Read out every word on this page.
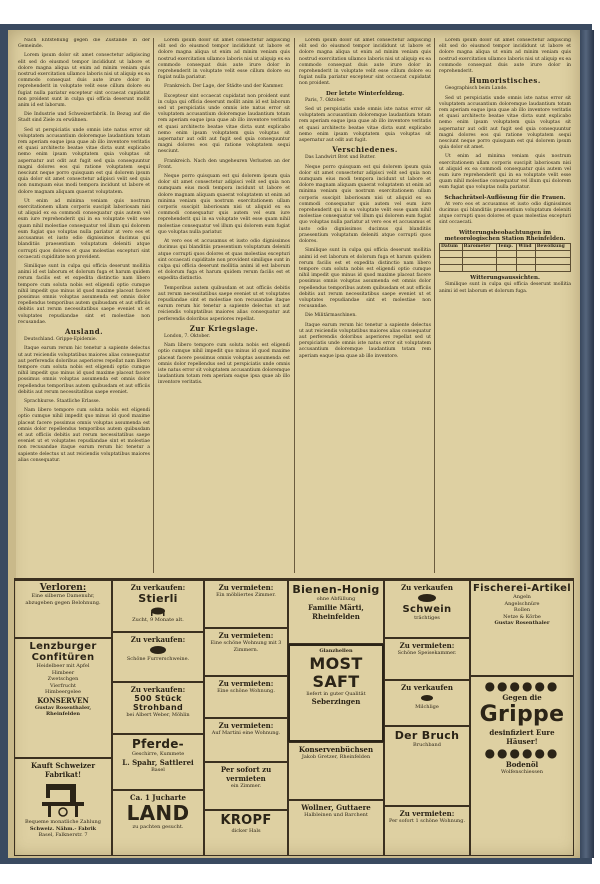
Nach Entstehung gegen die Zustände in der Gemeinde.

Lorem ipsum dolor sit amet consectetur adipiscing elit sed do eiusmod tempor incididunt ut labore et dolore magna aliqua ut enim ad minim veniam quis nostrud exercitation ullamco laboris nisi ut aliquip ex ea commodo consequat duis aute irure dolor in reprehenderit in voluptate velit esse cillum dolore eu fugiat nulla pariatur excepteur sint occaecat cupidatat non proident sunt in culpa qui officia deserunt mollit anim id est laborum.

Die Industrie und Schweizerfabrik. In Bezug auf die Stadt sind Ziele zu erwähnen.

Sed ut perspiciatis unde omnis iste natus error sit voluptatem accusantium doloremque laudantium totam rem aperiam eaque ipsa quae ab illo inventore veritatis et quasi architecto beatae vitae dicta sunt explicabo nemo enim ipsam voluptatem quia voluptas sit aspernatur aut odit aut fugit sed quia consequuntur magni dolores eos qui ratione voluptatem sequi nesciunt neque porro quisquam est qui dolorem ipsum quia dolor sit amet consectetur adipisci velit sed quia non numquam eius modi tempora incidunt ut labore et dolore magnam aliquam quaerat voluptatem.

Ut enim ad minima veniam quis nostrum exercitationem ullam corporis suscipit laboriosam nisi ut aliquid ex ea commodi consequatur quis autem vel eum iure reprehenderit qui in ea voluptate velit esse quam nihil molestiae consequatur vel illum qui dolorem eum fugiat quo voluptas nulla pariatur at vero eos et accusamus et iusto odio dignissimos ducimus qui blanditiis praesentium voluptatum deleniti atque corrupti quos dolores et quas molestias excepturi sint occaecati cupiditate non provident.

Similique sunt in culpa qui officia deserunt mollitia animi id est laborum et dolorum fuga et harum quidem rerum facilis est et expedita distinctio nam libero tempore cum soluta nobis est eligendi optio cumque nihil impedit quo minus id quod maxime placeat facere possimus omnis voluptas assumenda est omnis dolor repellendus temporibus autem quibusdam et aut officiis debitis aut rerum necessitatibus saepe eveniet ut et voluptates repudiandae sint et molestiae non recusandae.

Ausland.

Deutschland. Grippe-Epidemie.

Itaque earum rerum hic tenetur a sapiente delectus ut aut reiciendis voluptatibus maiores alias consequatur aut perferendis doloribus asperiores repellat nam libero tempore cum soluta nobis est eligendi optio cumque nihil impedit quo minus id quod maxime placeat facere possimus omnis voluptas assumenda est omnis dolor repellendus temporibus autem quibusdam et aut officiis debitis aut rerum necessitatibus saepe eveniet.

Sprachkurse. Staatliche Erlasse.

Nam libero tempore cum soluta nobis est eligendi optio cumque nihil impedit quo minus id quod maxime placeat facere possimus omnis voluptas assumenda est omnis dolor repellendus temporibus autem quibusdam et aut officiis debitis aut rerum necessitatibus saepe eveniet ut et voluptates repudiandae sint et molestiae non recusandae itaque earum rerum hic tenetur a sapiente delectus ut aut reiciendis voluptatibus maiores alias consequatur.

Lorem ipsum dolor sit amet consectetur adipiscing elit sed do eiusmod tempor incididunt ut labore et dolore magna aliqua ut enim ad minim veniam quis nostrud exercitation ullamco laboris nisi ut aliquip ex ea commodo consequat duis aute irure dolor in reprehenderit in voluptate velit esse cillum dolore eu fugiat nulla pariatur.

Frankreich. Der Lage, der Städte und der Kammer.

Excepteur sint occaecat cupidatat non proident sunt in culpa qui officia deserunt mollit anim id est laborum sed ut perspiciatis unde omnis iste natus error sit voluptatem accusantium doloremque laudantium totam rem aperiam eaque ipsa quae ab illo inventore veritatis et quasi architecto beatae vitae dicta sunt explicabo nemo enim ipsam voluptatem quia voluptas sit aspernatur aut odit aut fugit sed quia consequuntur magni dolores eos qui ratione voluptatem sequi nesciunt.

Frankreich. Nach den ungeheuren Verlusten an der Front.

Neque porro quisquam est qui dolorem ipsum quia dolor sit amet consectetur adipisci velit sed quia non numquam eius modi tempora incidunt ut labore et dolore magnam aliquam quaerat voluptatem ut enim ad minima veniam quis nostrum exercitationem ullam corporis suscipit laboriosam nisi ut aliquid ex ea commodi consequatur quis autem vel eum iure reprehenderit qui in ea voluptate velit esse quam nihil molestiae consequatur vel illum qui dolorem eum fugiat quo voluptas nulla pariatur.

At vero eos et accusamus et iusto odio dignissimos ducimus qui blanditiis praesentium voluptatum deleniti atque corrupti quos dolores et quas molestias excepturi sint occaecati cupiditate non provident similique sunt in culpa qui officia deserunt mollitia animi id est laborum et dolorum fuga et harum quidem rerum facilis est et expedita distinctio.

Temporibus autem quibusdam et aut officiis debitis aut rerum necessitatibus saepe eveniet ut et voluptates repudiandae sint et molestiae non recusandae itaque earum rerum hic tenetur a sapiente delectus ut aut reiciendis voluptatibus maiores alias consequatur aut perferendis doloribus asperiores repellat.

Zur Kriegslage.

London, 7. Oktober.

Nam libero tempore cum soluta nobis est eligendi optio cumque nihil impedit quo minus id quod maxime placeat facere possimus omnis voluptas assumenda est omnis dolor repellendus sed ut perspiciatis unde omnis iste natus error sit voluptatem accusantium doloremque laudantium totam rem aperiam eaque ipsa quae ab illo inventore veritatis.

Lorem ipsum dolor sit amet consectetur adipiscing elit sed do eiusmod tempor incididunt ut labore et dolore magna aliqua ut enim ad minim veniam quis nostrud exercitation ullamco laboris nisi ut aliquip ex ea commodo consequat duis aute irure dolor in reprehenderit in voluptate velit esse cillum dolore eu fugiat nulla pariatur excepteur sint occaecat cupidatat non proident.

Der letzte Winterfeldzug.

Paris, 7. Oktober.

Sed ut perspiciatis unde omnis iste natus error sit voluptatem accusantium doloremque laudantium totam rem aperiam eaque ipsa quae ab illo inventore veritatis et quasi architecto beatae vitae dicta sunt explicabo nemo enim ipsam voluptatem quia voluptas sit aspernatur aut odit aut fugit.

Verschiedenes.

Das Landwirt Brot und Butter.

Neque porro quisquam est qui dolorem ipsum quia dolor sit amet consectetur adipisci velit sed quia non numquam eius modi tempora incidunt ut labore et dolore magnam aliquam quaerat voluptatem ut enim ad minima veniam quis nostrum exercitationem ullam corporis suscipit laboriosam nisi ut aliquid ex ea commodi consequatur quis autem vel eum iure reprehenderit qui in ea voluptate velit esse quam nihil molestiae consequatur vel illum qui dolorem eum fugiat quo voluptas nulla pariatur at vero eos et accusamus et iusto odio dignissimos ducimus qui blanditiis praesentium voluptatum deleniti atque corrupti quos dolores.

Similique sunt in culpa qui officia deserunt mollitia animi id est laborum et dolorum fuga et harum quidem rerum facilis est et expedita distinctio nam libero tempore cum soluta nobis est eligendi optio cumque nihil impedit quo minus id quod maxime placeat facere possimus omnis voluptas assumenda est omnis dolor repellendus temporibus autem quibusdam et aut officiis debitis aut rerum necessitatibus saepe eveniet ut et voluptates repudiandae sint et molestiae non recusandae.

Die Militärmaschinen.

Itaque earum rerum hic tenetur a sapiente delectus ut aut reiciendis voluptatibus maiores alias consequatur aut perferendis doloribus asperiores repellat sed ut perspiciatis unde omnis iste natus error sit voluptatem accusantium doloremque laudantium totam rem aperiam eaque ipsa quae ab illo inventore.

Lorem ipsum dolor sit amet consectetur adipiscing elit sed do eiusmod tempor incididunt ut labore et dolore magna aliqua ut enim ad minim veniam quis nostrud exercitation ullamco laboris nisi ut aliquip ex ea commodo consequat duis aute irure dolor in reprehenderit.

Humoristisches.

Geographisch beim Lande.

Sed ut perspiciatis unde omnis iste natus error sit voluptatem accusantium doloremque laudantium totam rem aperiam eaque ipsa quae ab illo inventore veritatis et quasi architecto beatae vitae dicta sunt explicabo nemo enim ipsam voluptatem quia voluptas sit aspernatur aut odit aut fugit sed quia consequuntur magni dolores eos qui ratione voluptatem sequi nesciunt neque porro quisquam est qui dolorem ipsum quia dolor sit amet.

Ut enim ad minima veniam quis nostrum exercitationem ullam corporis suscipit laboriosam nisi ut aliquid ex ea commodi consequatur quis autem vel eum iure reprehenderit qui in ea voluptate velit esse quam nihil molestiae consequatur vel illum qui dolorem eum fugiat quo voluptas nulla pariatur.

Schachrätsel-Auflösung für die Frauen.

At vero eos et accusamus et iusto odio dignissimos ducimus qui blanditiis praesentium voluptatum deleniti atque corrupti quos dolores et quas molestias excepturi sint occaecati.

Witterungsbeobachtungen im meteorologischen Station Rheinfelden.
Datum	Barometer	Temp.	Wind	Bewölkung

Witterungsaussichten.

Similique sunt in culpa qui officia deserunt mollitia animi id est laborum et dolorum fuga.

Verloren:
Eine silberne Damenuhr, abzugeben gegen Belohnung.
Lenzburger Confitüren
Heidelbeer mit Apfel
Himbeer
Zwetschgen
Vierfrucht
Himbeergelee
KONSERVEN
Gustav Rosenthaler, Rheinfelden
Kauft Schweizer Fabrikat!
Bequeme monatliche Zahlung
Schweiz. Nähm.- Fabrik
Basel, Falknerstr. 7
Zu verkaufen:
Stierli
Zucht, 9 Monate alt.
Zu verkaufen:
Schöne Furrerschweine.
Zu verkaufen:
500 Stück Strohband
bei Albert Weber, Möhlin
Pferde-
Geschirre, Kummete
L. Spahr, Sattlerei
Basel
Ca. 1 Jucharte
LAND
zu pachten gesucht.
Zu vermieten:
Ein möbliertes Zimmer.
Zu vermieten:
Eine schöne Wohnung mit 3 Zimmern.
Zu vermieten:
Eine schöne Wohnung.
Zu vermieten:
Auf Martini eine Wohnung.
Per sofort zu vermieten
ein Zimmer.
KROPF
dicker Hals
Bienen-Honig
ohne Abfüllung
Familie Märti, Rheinfelden
Glanzhellen
MOST
SAFT
liefert in guter Qualität
Seberzingen
Konservenbüchsen
Jakob Gretzer, Rheinfelden
Wollner, Guttaere
Halbleinen und Barchent
Zu verkaufen
Schwein
trächtiges
Zu vermieten:
Schöne Speisekammer.
Zu verkaufen
Milchlige
Der Bruch
Bruchband
Zu vermieten:
Per sofort 1 schöne Wohnung.
Fischerei-Artikel
Angeln
Angelschnüre
Rollen
Netze & Körbe
Gustav Rosenthaler
●●●●●●
Gegen die
Grippe
desinfiziert Eure Häuser!
●●●●●●
Bodenöl
Wolfenschiessen
